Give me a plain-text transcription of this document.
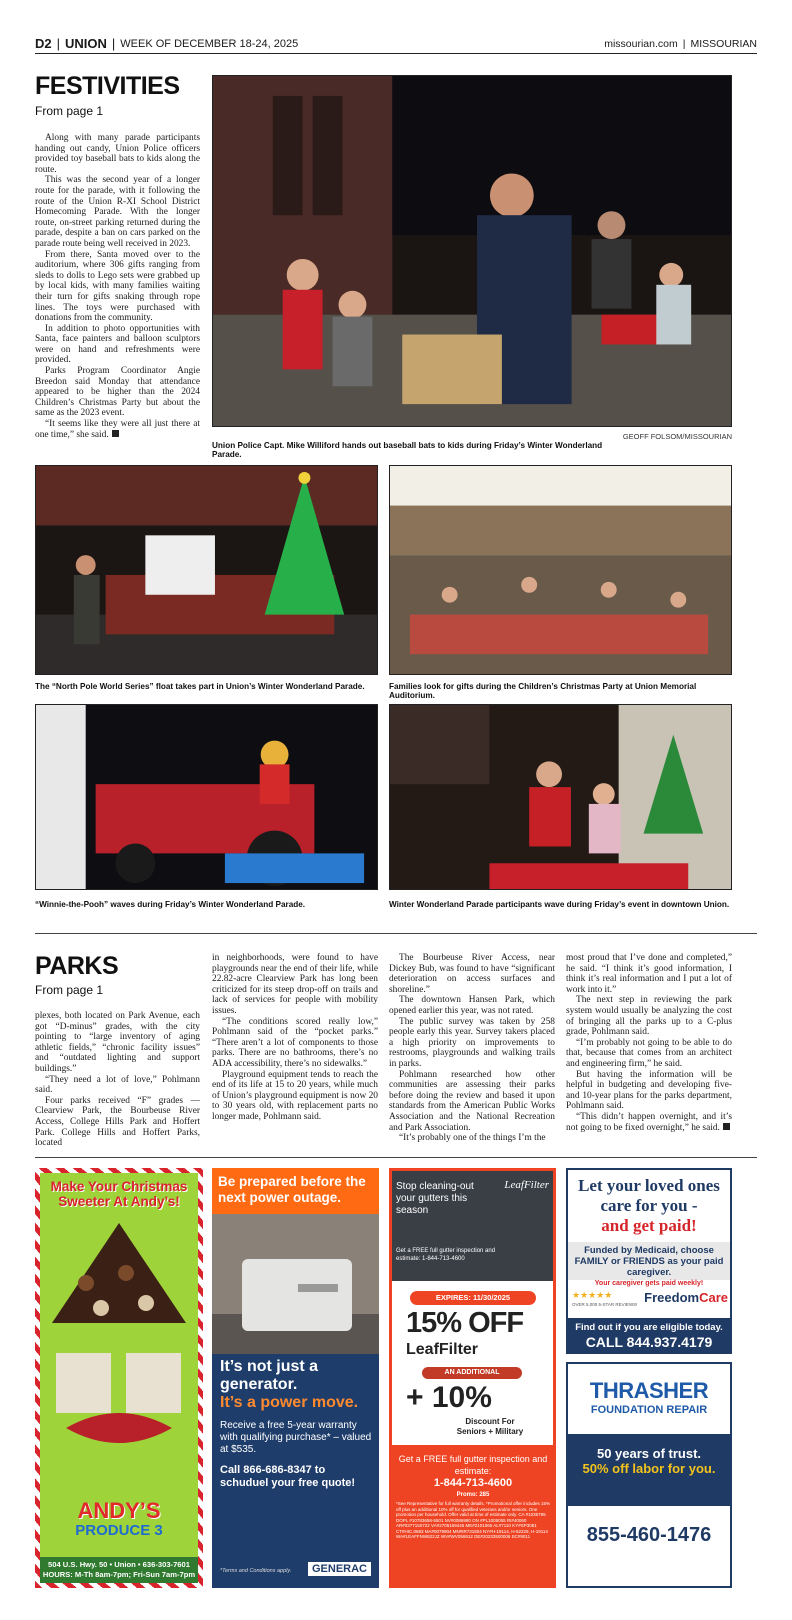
D2 | UNION | WEEK OF DECEMBER 18-24, 2025	missourian.com | MISSOURIAN
FESTIVITIES
From page 1

Along with many parade participants handing out candy, Union Police officers provided toy baseball bats to kids along the route.

This was the second year of a longer route for the parade, with it following the route of the Union R-XI School District Homecoming Parade. With the longer route, on-street parking returned during the parade, despite a ban on cars parked on the parade route being well received in 2023.

From there, Santa moved over to the auditorium, where 306 gifts ranging from sleds to dolls to Lego sets were grabbed up by local kids, with many families waiting their turn for gifts snaking through rope lines. The toys were purchased with donations from the community.

In addition to photo opportunities with Santa, face painters and balloon sculptors were on hand and refreshments were provided.

Parks Program Coordinator Angie Breedon said Monday that attendance appeared to be higher than the 2024 Children’s Christmas Party but about the same as the 2023 event.

“It seems like they were all just there at one time,” she said.

Union Police Capt. Mike Williford hands out baseball bats to kids during Friday’s Winter Wonderland Parade.
GEOFF FOLSOM/MISSOURIAN
The “North Pole World Series” float takes part in Union’s Winter Wonderland Parade.	Families look for gifts during the Children’s Christmas Party at Union Memorial Auditorium.
“Winnie-the-Pooh” waves during Friday’s Winter Wonderland Parade.	Winter Wonderland Parade participants wave during Friday’s event in downtown Union.
PARKS
From page 1

plexes, both located on Park Avenue, each got “D-minus” grades, with the city pointing to “large inventory of aging athletic fields,” “chronic facility issues” and “outdated lighting and support buildings.”

“They need a lot of love,” Pohlmann said.

Four parks received “F” grades — Clearview Park, the Bourbeuse River Access, College Hills Park and Hoffert Park. College Hills and Hoffert Parks, located

in neighborhoods, were found to have playgrounds near the end of their life, while 22.82-acre Clearview Park has long been criticized for its steep drop-off on trails and lack of services for people with mobility issues.

“The conditions scored really low,” Pohlmann said of the “pocket parks.” “There aren’t a lot of components to those parks. There are no bathrooms, there’s no ADA accessibility, there’s no sidewalks.”

Playground equipment tends to reach the end of its life at 15 to 20 years, while much of Union’s playground equipment is now 20 to 30 years old, with replacement parts no longer made, Pohlmann said.

The Bourbeuse River Access, near Dickey Bub, was found to have “significant deterioration on access surfaces and shoreline.”

The downtown Hansen Park, which opened earlier this year, was not rated.

The public survey was taken by 258 people early this year. Survey takers placed a high priority on improvements to restrooms, playgrounds and walking trails in parks.

Pohlmann researched how other communities are assessing their parks before doing the review and based it upon standards from the American Public Works Association and the National Recreation and Park Association.

“It’s probably one of the things I’m the

most proud that I’ve done and completed,” he said. “I think it’s good information, I think it’s real information and I put a lot of work into it.”

The next step in reviewing the park system would usually be analyzing the cost of bringing all the parks up to a C-plus grade, Pohlmann said.

“I’m probably not going to be able to do that, because that comes from an architect and engineering firm,” he said.

But having the information will be helpful in budgeting and developing five- and 10-year plans for the parks department, Pohlmann said.

“This didn’t happen overnight, and it’s not going to be fixed overnight,” he said.

Make Your Christmas Sweeter At Andy’s!
ANDY’S
PRODUCE 3
504 U.S. Hwy. 50 • Union • 636-303-7601
HOURS: M-Th 8am-7pm; Fri-Sun 7am-7pm
Be prepared before the next power outage.
It’s not just a generator.
It’s a power move.
Receive a free 5-year warranty with qualifying purchase* – valued at $535.
Call 866-686-8347 to schuduel your free quote!
*Terms and Conditions apply.	GENERAC
Stop cleaning-out your gutters this season
LeafFilter
Get a FREE full gutter inspection and estimate: 1-844-713-4600
EXPIRES: 11/30/2025
15% OFF
LeafFilter
AN ADDITIONAL
+ 10%
Discount For Seniors + Military
Get a FREE full gutter inspection and estimate:
1-844-713-4600
Promo: 285
*See Representative for full warranty details. *Promotional offer includes 15% off plus an additional 10% off for qualified veterans and/or seniors. One promotion per household. Offer valid at time of estimate only. CA #1035795 DOPL #10783658-5501 NV#0086990 ON #PL1005055 RI#40060 AR#0377150722 VA#2705169445 ME#2101065 AL#7110 KY#SP3081 CT#HIC.0683 MA#0079904 MN#IR731804 NY#H-19114, H-52229, H-19114 WA#LEAFFNW822JZ WV#WV056912 DE#20233500006 SC#9011
Let your loved ones care for you -
and get paid!
Funded by Medicaid, choose FAMILY or FRIENDS as your paid caregiver.
Your caregiver gets paid weekly!
★★★★★
OVER 5,000 5-STAR REVIEWS! FreedomCare
Find out if you are eligible today.
CALL 844.937.4179
THRASHER
FOUNDATION REPAIR
50 years of trust.
50% off labor for you.
855-460-1476
